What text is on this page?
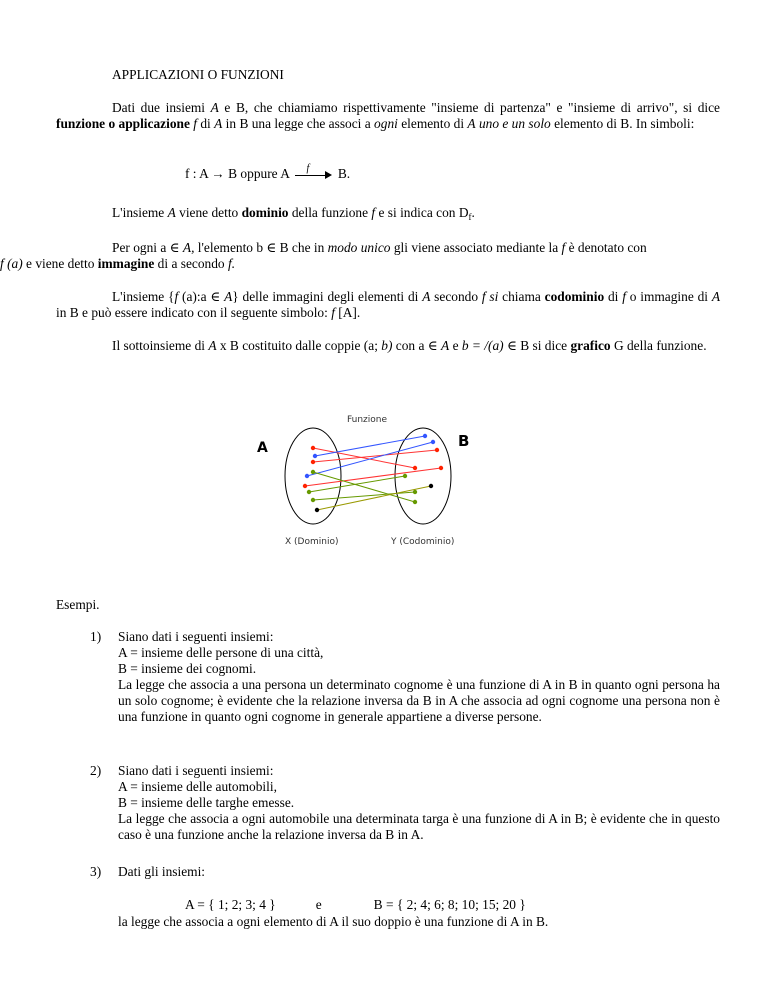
APPLICAZIONI O FUNZIONI

Dati due insiemi A e B, che chiamiamo rispettivamente "insieme di partenza" e "insieme di arrivo", si dice funzione o applicazione f di A in B una legge che associ a ogni elemento di A uno e un solo elemento di B. In simboli:

f : A → B oppure A f B.

L'insieme A viene detto dominio della funzione f e si indica con $D_f$.

Per ogni a ∈ A, l'elemento b ∈ B che in modo unico gli viene associato mediante la f è denotato con
f (a) e viene detto immagine di a secondo f.

L'insieme {f (a):a ∈ A} delle immagini degli elementi di A secondo f si chiama codominio di f o immagine di A in B e può essere indicato con il seguente simbolo: f [A].

Il sottoinsieme di A x B costituito dalle coppie (a; b) con a ∈ A e b = /(a) ∈ B si dice grafico G della funzione.

Funzione
A	B
X (Dominio)	Y (Codominio)

Esempi.

1) Siano dati i seguenti insiemi:

A = insieme delle persone di una città,

B = insieme dei cognomi.

La legge che associa a una persona un determinato cognome è una funzione di A in B in quanto ogni persona ha un solo cognome; è evidente che la relazione inversa da B in A che associa ad ogni cognome una persona non è una funzione in quanto ogni cognome in generale appartiene a diverse persone.

2) Siano dati i seguenti insiemi:

A = insieme delle automobili,

B = insieme delle targhe emesse.

La legge che associa a ogni automobile una determinata targa è una funzione di A in B; è evidente che in questo caso è una funzione anche la relazione inversa da B in A.

3) Dati gli insiemi:

A = { 1; 2; 3; 4 }	e	B = { 2; 4; 6; 8; 10; 15; 20 }

la legge che associa a ogni elemento di A il suo doppio è una funzione di A in B.
